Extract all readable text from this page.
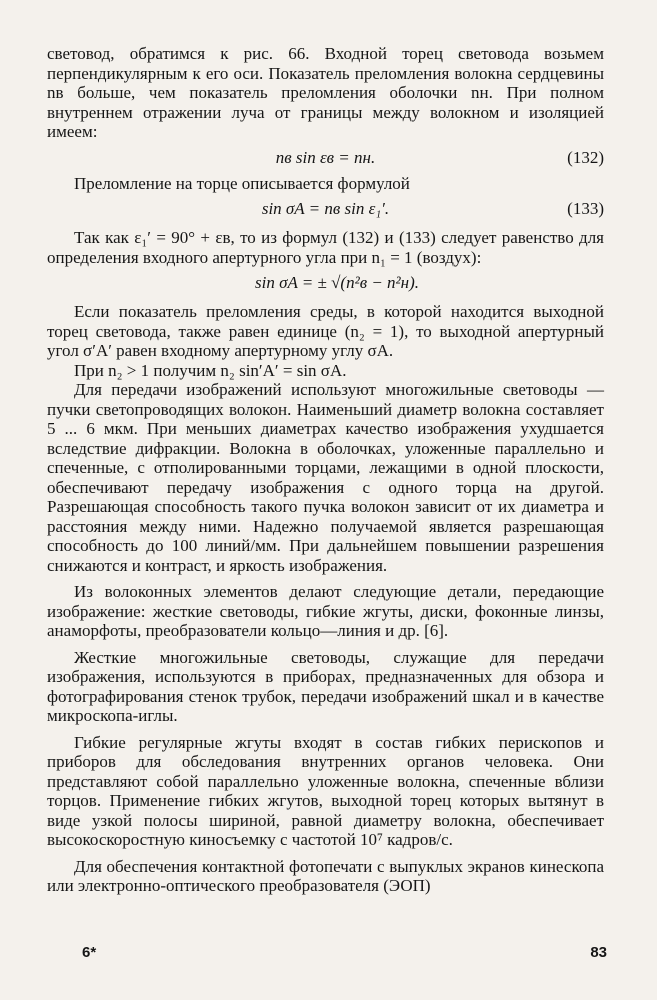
световод, обратимся к рис. 66. Входной торец световода возьмем перпендикулярным к его оси. Показатель преломления волокна сердцевины nв больше, чем показатель преломления оболочки nн. При полном внутреннем отражении луча от границы между волокном и изоляцией имеем:

nв sin εв = nн.	(132)

Преломление на торце описывается формулой

sin σA = nв sin ε₁′.	(133)

Так как ε₁′ = 90° + εв, то из формул (132) и (133) следует равенство для определения входного апертурного угла при n₁ = 1 (воздух):

sin σA = ± √(n²в − n²н).

Если показатель преломления среды, в которой находится выходной торец световода, также равен единице (n₂ = 1), то выходной апертурный угол σ′A′ равен входному апертурному углу σA.

При n₂ > 1 получим n₂ sin′A′ = sin σA.

Для передачи изображений используют многожильные световоды — пучки светопроводящих волокон. Наименьший диаметр волокна составляет 5 ... 6 мкм. При меньших диаметрах качество изображения ухудшается вследствие дифракции. Волокна в оболочках, уложенные параллельно и спеченные, с отполированными торцами, лежащими в одной плоскости, обеспечивают передачу изображения с одного торца на другой. Разрешающая способность такого пучка волокон зависит от их диаметра и расстояния между ними. Надежно получаемой является разрешающая способность до 100 линий/мм. При дальнейшем повышении разрешения снижаются и контраст, и яркость изображения.

Из волоконных элементов делают следующие детали, передающие изображение: жесткие световоды, гибкие жгуты, диски, фоконные линзы, анаморфоты, преобразователи кольцо—линия и др. [6].

Жесткие многожильные световоды, служащие для передачи изображения, используются в приборах, предназначенных для обзора и фотографирования стенок трубок, передачи изображений шкал и в качестве микроскопа-иглы.

Гибкие регулярные жгуты входят в состав гибких перископов и приборов для обследования внутренних органов человека. Они представляют собой параллельно уложенные волокна, спеченные вблизи торцов. Применение гибких жгутов, выходной торец которых вытянут в виде узкой полосы шириной, равной диаметру волокна, обеспечивает высокоскоростную киносъемку с частотой 10⁷ кадров/с.

Для обеспечения контактной фотопечати с выпуклых экранов кинескопа или электронно-оптического преобразователя (ЭОП)

6*	83
